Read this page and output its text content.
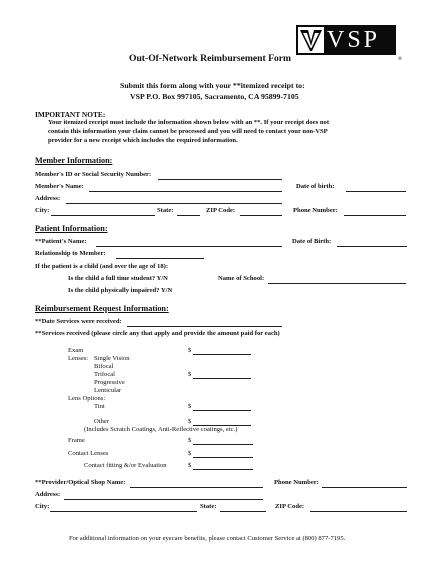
VSP
®
Out-Of-Network Reimbursement Form
Submit this form along with your **itemized receipt to:
VSP P.O. Box 997105, Sacramento, CA 95899-7105
IMPORTANT NOTE:
Your itemized receipt must include the information shown below with an **. If your receipt does not
contain this information your claim cannot be processed and you will need to contact your non-VSP
provider for a new receipt which includes the required information.
Member Information:
Member's ID or Social Security Number:
Member's Name:	Date of birth:
Address:
City:	State:	ZIP Code:	Phone Number:
Patient Information:
**Patient's Name:	Date of Birth:
Relationship to Member:
If the patient is a child (and over the age of 18):
Is the child a full time student? Y/N	Name of School:
Is the child physically impaired? Y/N
Reimbursement Request Information:
**Date Services were received:
**Services received (please circle any that apply and provide the amount paid for each)
Exam	$
Lenses: Single Vision
Bifocal
Trifocal	$
Progressive
Lenticular
Lens Options:
Tint	$
Other	$
(Includes Scratch Coatings, Anti-Reflective coatings, etc.)
Frame	$
Contact Lenses	$
Contact fitting &/or Evaluation	$
**Provider/Optical Shop Name:	Phone Number:
Address:
City:	State:	ZIP Code:
For additional information on your eyecare benefits, please contact Customer Service at (800) 877-7195.
